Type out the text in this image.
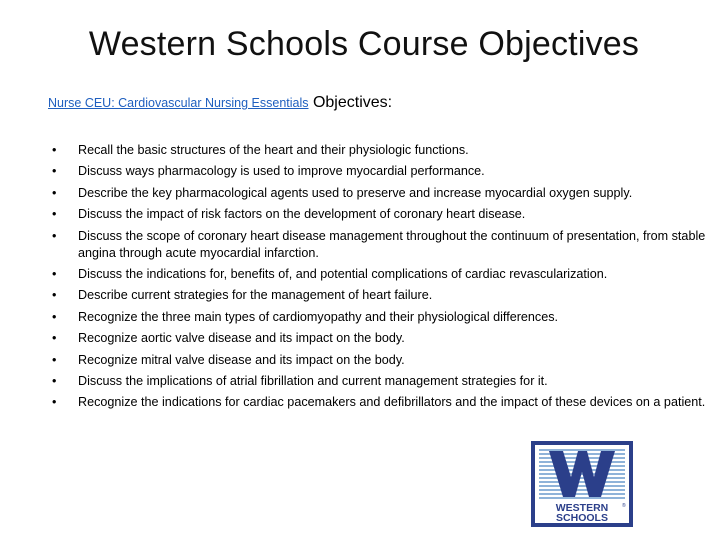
Western Schools Course Objectives
Nurse CEU: Cardiovascular Nursing Essentials Objectives:
• Recall the basic structures of the heart and their physiologic functions.
• Discuss ways pharmacology is used to improve myocardial performance.
• Describe the key pharmacological agents used to preserve and increase myocardial oxygen supply.
• Discuss the impact of risk factors on the development of coronary heart disease.
• Discuss the scope of coronary heart disease management throughout the continuum of presentation, from stable angina through acute myocardial infarction.
• Discuss the indications for, benefits of, and potential complications of cardiac revascularization.
• Describe current strategies for the management of heart failure.
• Recognize the three main types of cardiomyopathy and their physiological differences.
• Recognize aortic valve disease and its impact on the body.
• Recognize mitral valve disease and its impact on the body.
• Discuss the implications of atrial fibrillation and current management strategies for it.
• Recognize the indications for cardiac pacemakers and defibrillators and the impact of these devices on a patient.
WESTERN
SCHOOLS
®
